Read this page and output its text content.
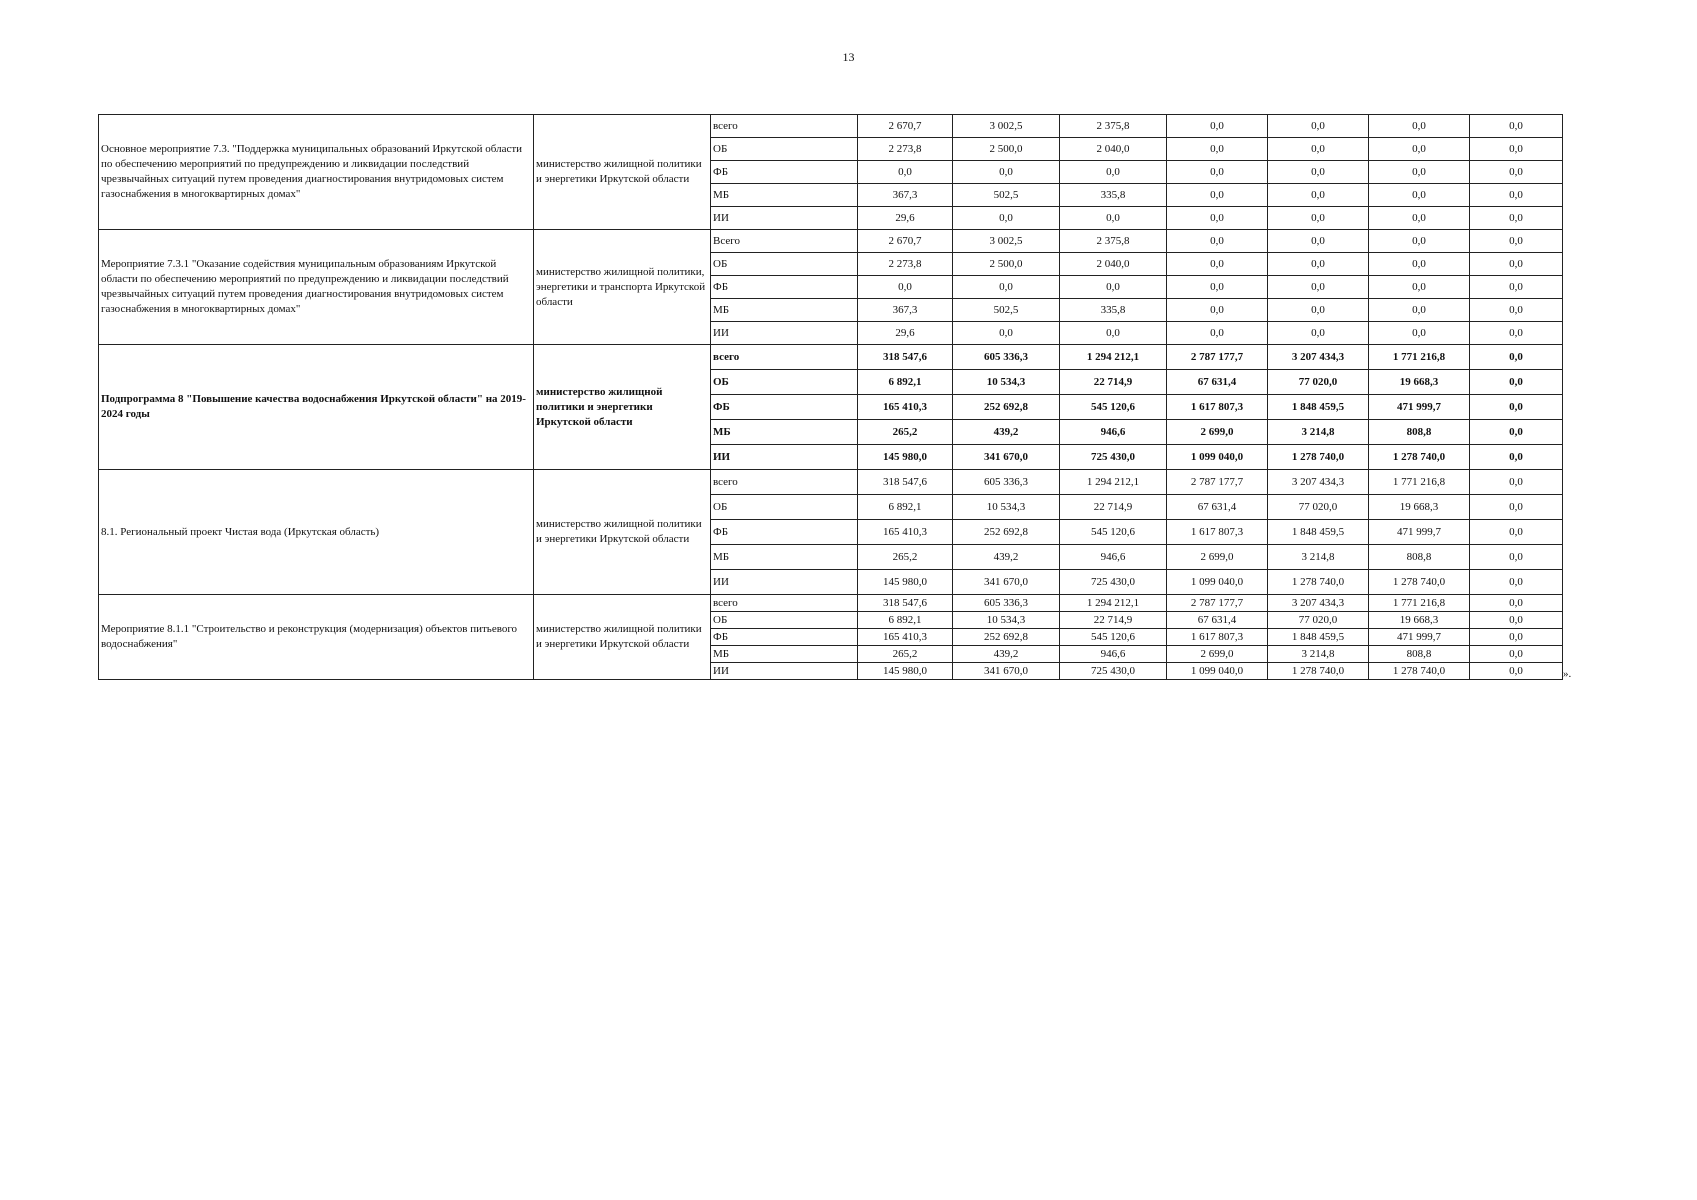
13
Основное мероприятие 7.3. "Поддержка муниципальных образований Иркутской области по обеспечению мероприятий по предупреждению и ликвидации последствий чрезвычайных ситуаций путем проведения диагностирования внутридомовых систем газоснабжения в многоквартирных домах"	министерство жилищной политики и энергетики Иркутской области	всего	2 670,7	3 002,5	2 375,8	0,0	0,0	0,0	0,0
		ОБ	2 273,8	2 500,0	2 040,0	0,0	0,0	0,0	0,0
		ФБ	0,0	0,0	0,0	0,0	0,0	0,0	0,0
		МБ	367,3	502,5	335,8	0,0	0,0	0,0	0,0
		ИИ	29,6	0,0	0,0	0,0	0,0	0,0	0,0
Мероприятие 7.3.1 "Оказание содействия муниципальным образованиям Иркутской области по обеспечению мероприятий по предупреждению и ликвидации последствий чрезвычайных ситуаций путем проведения диагностирования внутридомовых систем газоснабжения в многоквартирных домах"	министерство жилищной политики, энергетики и транспорта Иркутской области	Всего	2 670,7	3 002,5	2 375,8	0,0	0,0	0,0	0,0
		ОБ	2 273,8	2 500,0	2 040,0	0,0	0,0	0,0	0,0
		ФБ	0,0	0,0	0,0	0,0	0,0	0,0	0,0
		МБ	367,3	502,5	335,8	0,0	0,0	0,0	0,0
		ИИ	29,6	0,0	0,0	0,0	0,0	0,0	0,0
Подпрограмма 8 "Повышение качества водоснабжения Иркутской области" на 2019-2024 годы	министерство жилищной политики и энергетики Иркутской области	всего	318 547,6	605 336,3	1 294 212,1	2 787 177,7	3 207 434,3	1 771 216,8	0,0
		ОБ	6 892,1	10 534,3	22 714,9	67 631,4	77 020,0	19 668,3	0,0
		ФБ	165 410,3	252 692,8	545 120,6	1 617 807,3	1 848 459,5	471 999,7	0,0
		МБ	265,2	439,2	946,6	2 699,0	3 214,8	808,8	0,0
		ИИ	145 980,0	341 670,0	725 430,0	1 099 040,0	1 278 740,0	1 278 740,0	0,0
8.1. Региональный проект Чистая вода (Иркутская область)	министерство жилищной политики и энергетики Иркутской области	всего	318 547,6	605 336,3	1 294 212,1	2 787 177,7	3 207 434,3	1 771 216,8	0,0
		ОБ	6 892,1	10 534,3	22 714,9	67 631,4	77 020,0	19 668,3	0,0
		ФБ	165 410,3	252 692,8	545 120,6	1 617 807,3	1 848 459,5	471 999,7	0,0
		МБ	265,2	439,2	946,6	2 699,0	3 214,8	808,8	0,0
		ИИ	145 980,0	341 670,0	725 430,0	1 099 040,0	1 278 740,0	1 278 740,0	0,0
Мероприятие 8.1.1 "Строительство и реконструкция (модернизация) объектов питьевого водоснабжения"	министерство жилищной политики и энергетики Иркутской области	всего	318 547,6	605 336,3	1 294 212,1	2 787 177,7	3 207 434,3	1 771 216,8	0,0
		ОБ	6 892,1	10 534,3	22 714,9	67 631,4	77 020,0	19 668,3	0,0
		ФБ	165 410,3	252 692,8	545 120,6	1 617 807,3	1 848 459,5	471 999,7	0,0
		МБ	265,2	439,2	946,6	2 699,0	3 214,8	808,8	0,0
		ИИ	145 980,0	341 670,0	725 430,0	1 099 040,0	1 278 740,0	1 278 740,0	0,0	».
